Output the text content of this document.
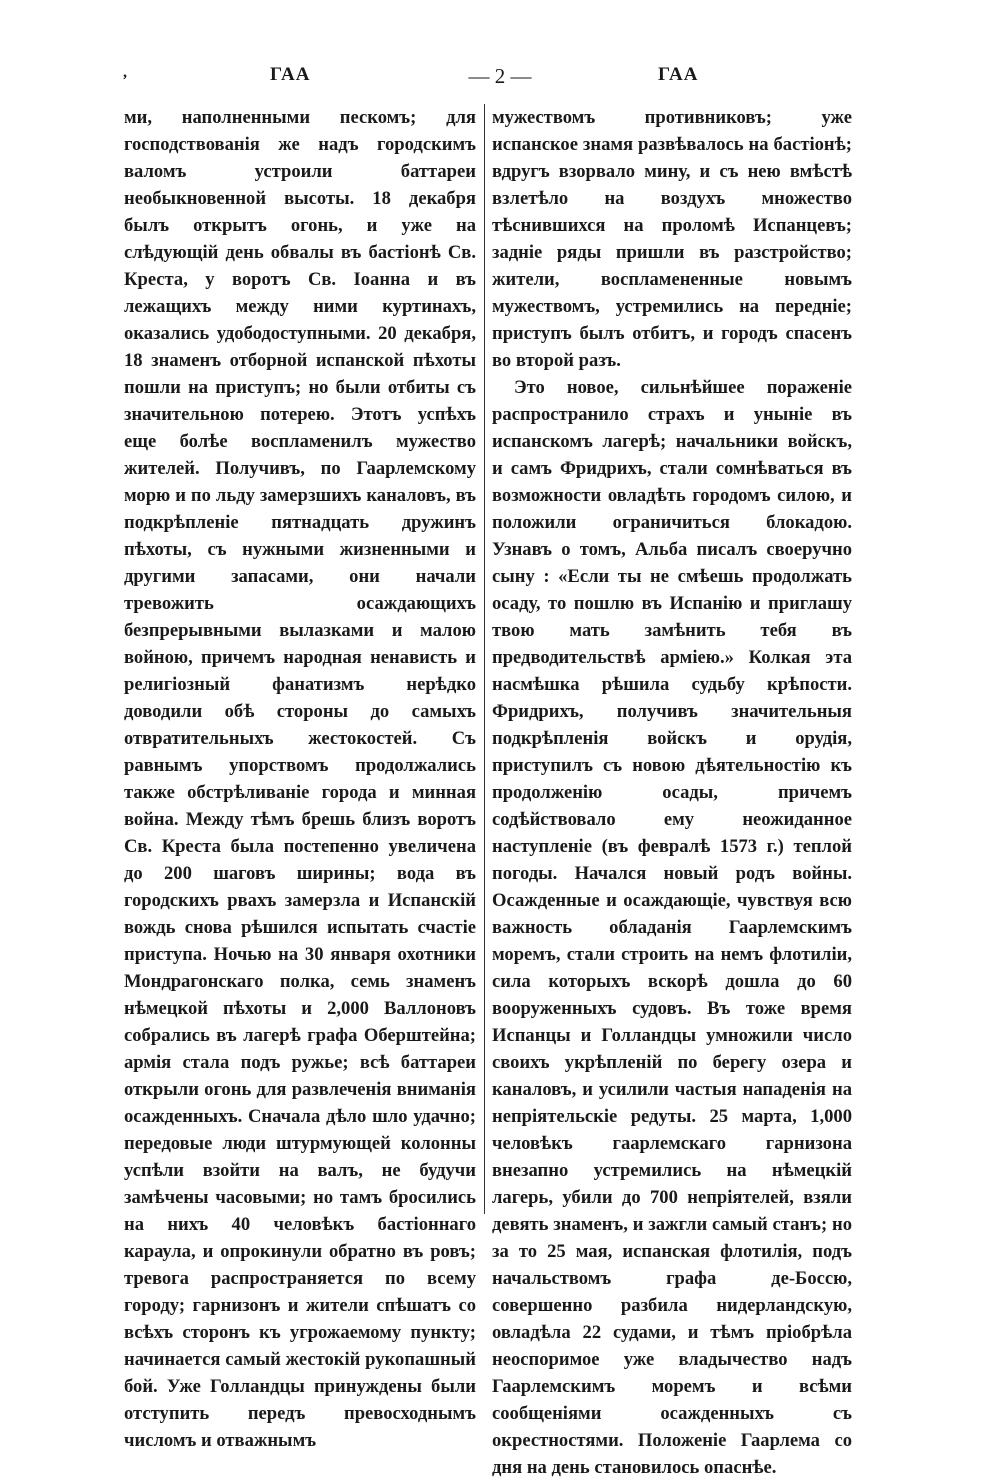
,	ГАА	— 2 —	ГАА

ми, наполненными пескомъ; для господствованія же надъ городскимъ валомъ устроили баттареи необыкновенной высоты. 18 декабря былъ открытъ огонь, и уже на слѣдующій день обвалы въ бастіонѣ Св. Креста, у воротъ Св. Іоанна и въ лежащихъ между ними куртинахъ, оказались удободоступными. 20 декабря, 18 знаменъ отборной испанской пѣхоты пошли на приступъ; но были отбиты съ значительною потерею. Этотъ успѣхъ еще болѣе воспламенилъ мужество жителей. Получивъ, по Гаарлемскому морю и по льду замерзшихъ каналовъ, въ подкрѣпленіе пятнадцать дружинъ пѣхоты, съ нужными жизненными и другими запасами, они начали тревожить осаждающихъ безпрерывными вылазками и малою войною, причемъ народная ненависть и религіозный фанатизмъ нерѣдко доводили обѣ стороны до самыхъ отвратительныхъ жестокостей. Съ равнымъ упорствомъ продолжались также обстрѣливаніе города и минная война. Между тѣмъ брешь близъ воротъ Св. Креста была постепенно увеличена до 200 шаговъ ширины; вода въ городскихъ рвахъ замерзла и Испанскій вождь снова рѣшился испытать счастіе приступа. Ночью на 30 января охотники Мондрагонскаго полка, семь знаменъ нѣмецкой пѣхоты и 2,000 Валлоновъ собрались въ лагерѣ графа Оберштейна; армія стала подъ ружье; всѣ баттареи открыли огонь для развлеченія вниманія осажденныхъ. Сначала дѣло шло удачно; передовые люди штурмующей колонны успѣли взойти на валъ, не будучи замѣчены часовыми; но тамъ бросились на нихъ 40 человѣкъ бастіоннаго караула, и опрокинули обратно въ ровъ; тревога распространяется по всему городу; гарнизонъ и жители спѣшатъ со всѣхъ сторонъ къ угрожаемому пункту; начинается самый жестокій рукопашный бой. Уже Голландцы принуждены были отступить передъ превосходнымъ числомъ и отважнымъ

мужествомъ противниковъ; уже испанское знамя развѣвалось на бастіонѣ; вдругъ взорвало мину, и съ нею вмѣстѣ взлетѣло на воздухъ множество тѣснившихся на проломѣ Испанцевъ; заднiе ряды пришли въ разстройство; жители, воспламененные новымъ мужествомъ, устремились на передніе; приступъ былъ отбитъ, и городъ спасенъ во второй разъ.

Это новое, сильнѣйшее пораженіе распространило страхъ и уныніе въ испанскомъ лагерѣ; начальники войскъ, и самъ Фридрихъ, стали сомнѣваться въ возможности овладѣть городомъ силою, и положили ограничиться блокадою. Узнавъ о томъ, Альба писалъ своеручно сыну : «Если ты не смѣешь продолжать осаду, то пошлю въ Испанію и приглашу твою мать замѣнить тебя въ предводительствѣ арміею.» Колкая эта насмѣшка рѣшила судьбу крѣпости. Фридрихъ, получивъ значительныя подкрѣпленія войскъ и орудія, приступилъ съ новою дѣятельностію къ продолженію осады, причемъ содѣйствовало ему неожиданное наступленіе (въ февралѣ 1573 г.) теплой погоды. Начался новый родъ войны. Осажденные и осаждающіе, чувствуя всю важность обладанія Гаарлемскимъ моремъ, стали строить на немъ флотиліи, сила которыхъ вскорѣ дошла до 60 вооруженныхъ судовъ. Въ тоже время Испанцы и Голландцы умножили число своихъ укрѣпленій по берегу озера и каналовъ, и усилили частыя нападенія на непріятельскіе редуты. 25 марта, 1,000 человѣкъ гаарлемскаго гарнизона внезапно устремились на нѣмецкій лагерь, убили до 700 непріятелей, взяли девять знаменъ, и зажгли самый станъ; но за то 25 мая, испанская флотилія, подъ начальствомъ графа де-Боссю, совершенно разбила нидерландскую, овладѣла 22 судами, и тѣмъ пріобрѣла неоспоримое уже владычество надъ Гаарлемскимъ моремъ и всѣми сообщеніями осажденныхъ съ окрестностями. Положеніе Гаарлема со дня на день становилось опаснѣе.
